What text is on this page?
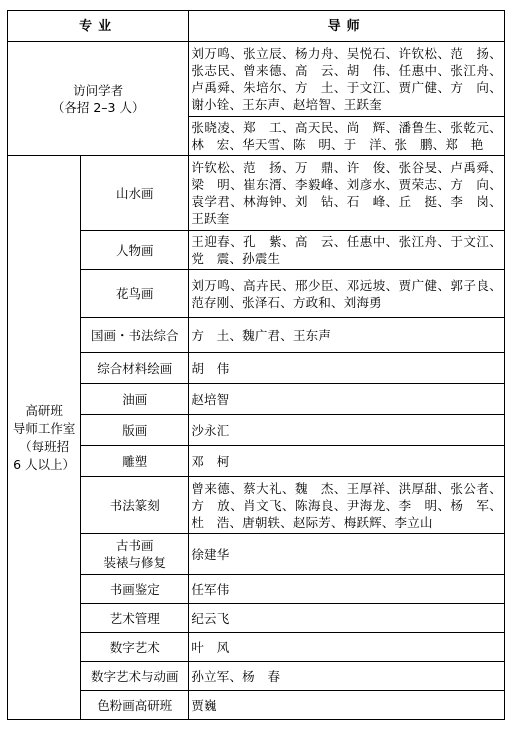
专业		导师

访问学者
（各招 2–3 人）		刘万鸣、张立辰、杨力舟、吴悦石、许钦松、范　扬、张志民、曾来德、高　云、胡　伟、任惠中、张江舟、卢禹舜、朱培尔、方　土、于文江、贾广健、方　向、谢小铨、王东声、赵培智、王跃奎
		张晓凌、郑　工、高天民、尚　辉、潘鲁生、张乾元、林　宏、华天雪、陈　明、于　洋、张　鹏、郑　艳

高研班
导师工作室
（每班招
6 人以上）	山水画	许钦松、范　扬、万　鼎、许　俊、张谷旻、卢禹舜、梁　明、崔东湑、李毅峰、刘彦水、贾荣志、方　向、袁学君、林海钟、刘　钻、石　峰、丘　挺、李　岗、王跃奎
	人物画	王迎春、孔　紫、高　云、任惠中、张江舟、于文江、党　震、孙震生
	花鸟画	刘万鸣、高卉民、邢少臣、邓远坡、贾广健、郭子良、范存刚、张泽石、方政和、刘海勇
	国画・书法综合	方　土、魏广君、王东声
	综合材料绘画	胡　伟
	油画	赵培智
	版画	沙永汇
	雕塑	邓　柯
	书法篆刻	曾来德、蔡大礼、魏　杰、王厚祥、洪厚甜、张公者、方　放、肖文飞、陈海良、尹海龙、李　明、杨　军、杜　浩、唐朝轶、赵际芳、梅跃辉、李立山

	古书画
装裱与修复	徐建华
	书画鉴定	任军伟
	艺术管理	纪云飞
	数字艺术	叶　风
	数字艺术与动画	孙立军、杨　春
	色粉画高研班	贾巍
